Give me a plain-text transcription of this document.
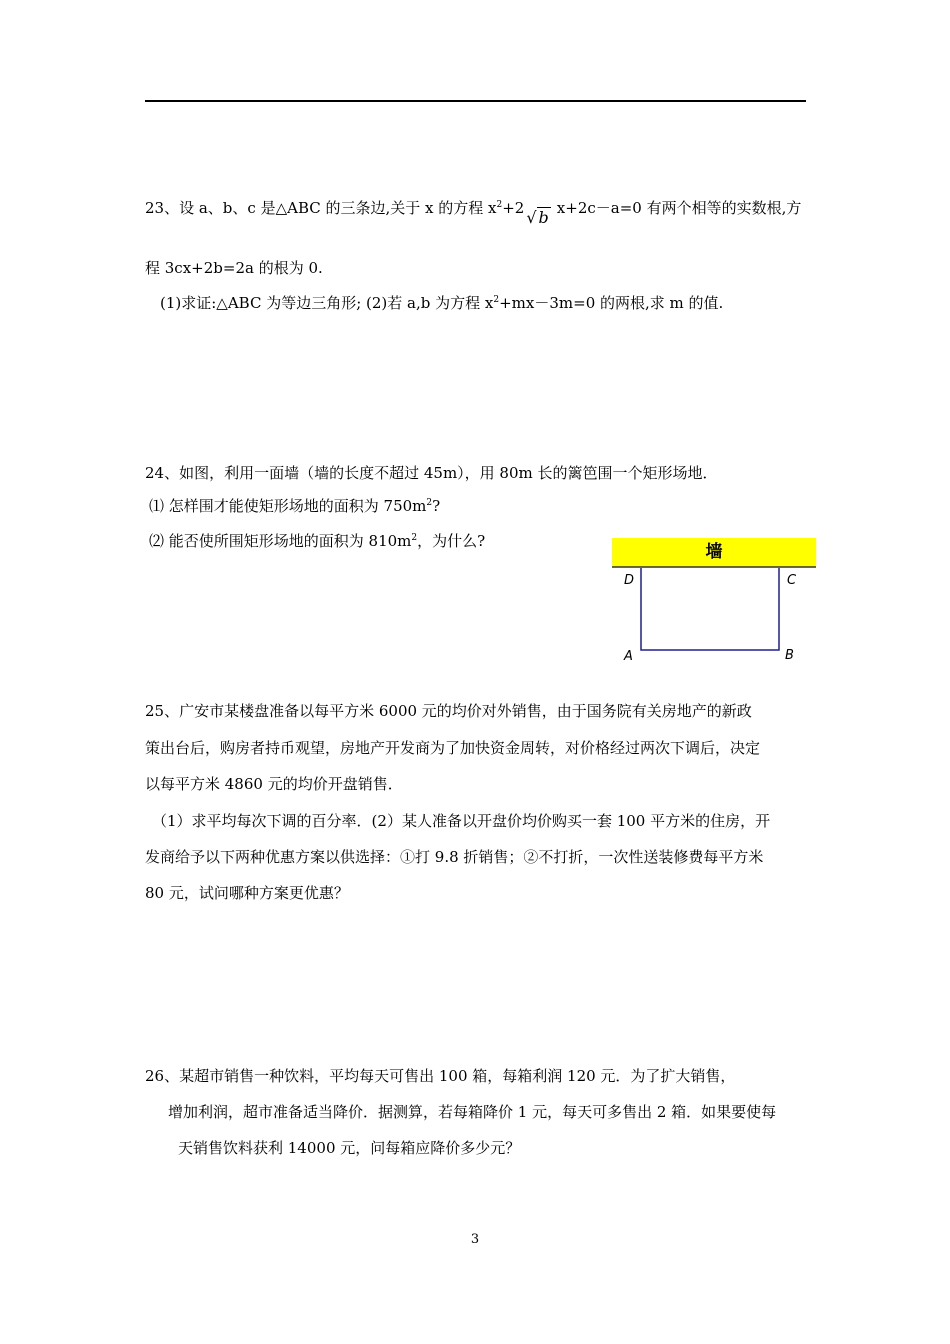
23、设 a、b、c 是△ABC 的三条边,关于 x 的方程 $x^2+2$ √ b x+2c－a=0 有两个相等的实数根,方
程 3cx+2b=2a 的根为 0.
(1)求证:△ABC 为等边三角形; (2)若 a,b 为方程 $x^2+mx-3m=0$ 的两根,求 m 的值.
24、如图，利用一面墙（墙的长度不超过 45m），用 80m 长的篱笆围一个矩形场地．
⑴ 怎样围才能使矩形场地的面积为 $750m^2$?
⑵ 能否使所围矩形场地的面积为 $810m^2$，为什么?
墙
D	C
A	B
25、广安市某楼盘准备以每平方米 6000 元的均价对外销售，由于国务院有关房地产的新政
策出台后，购房者持币观望，房地产开发商为了加快资金周转，对价格经过两次下调后，决定
以每平方米 4860 元的均价开盘销售．
（1）求平均每次下调的百分率．(2）某人准备以开盘价均价购买一套 100 平方米的住房，开
发商给予以下两种优惠方案以供选择：①打 9.8 折销售；②不打折，一次性送装修费每平方米
80 元，试问哪种方案更优惠？
26、某超市销售一种饮料，平均每天可售出 100 箱，每箱利润 120 元．为了扩大销售，
增加利润，超市准备适当降价．据测算，若每箱降价 1 元，每天可多售出 2 箱．如果要使每
天销售饮料获利 14000 元，问每箱应降价多少元？
3
